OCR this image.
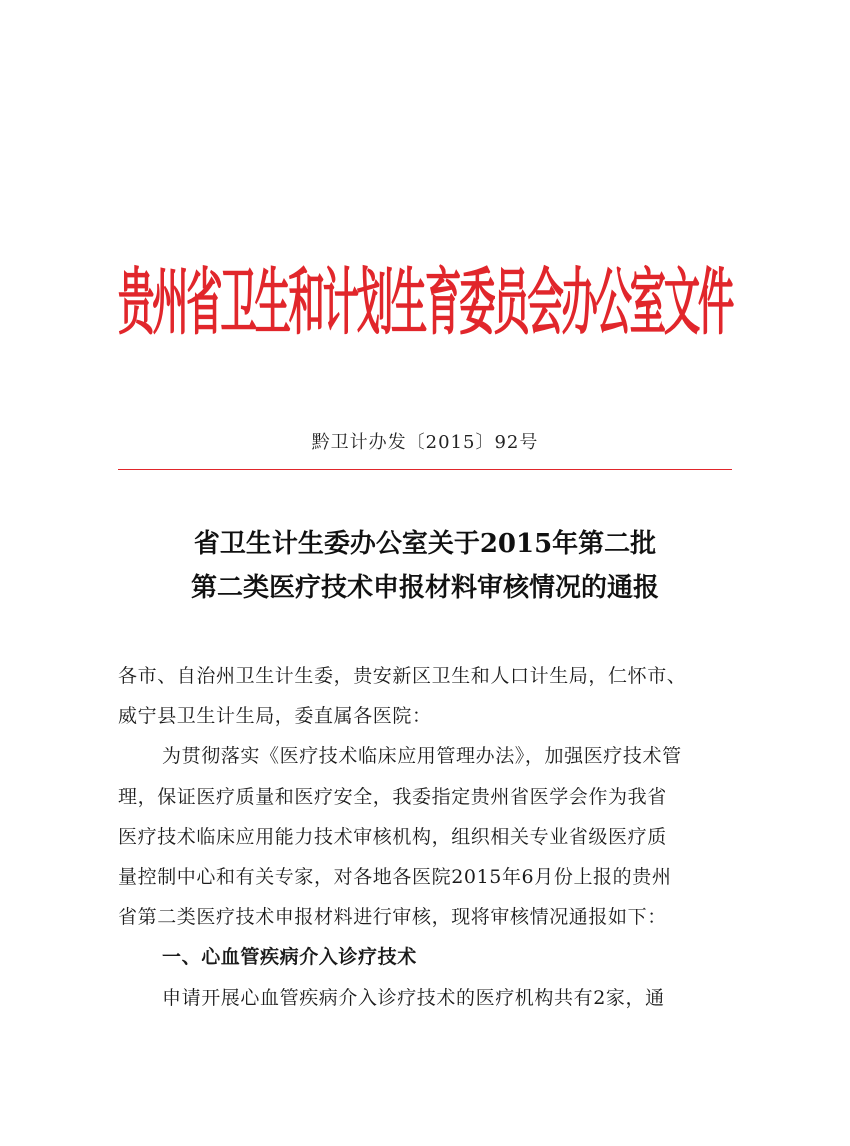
贵州省卫生和计划生育委员会办公室文件
黔卫计办发〔2015〕92号
省卫生计生委办公室关于2015年第二批
第二类医疗技术申报材料审核情况的通报
各市、自治州卫生计生委，贵安新区卫生和人口计生局，仁怀市、
威宁县卫生计生局，委直属各医院：
为贯彻落实《医疗技术临床应用管理办法》，加强医疗技术管
理，保证医疗质量和医疗安全，我委指定贵州省医学会作为我省
医疗技术临床应用能力技术审核机构，组织相关专业省级医疗质
量控制中心和有关专家，对各地各医院2015年6月份上报的贵州
省第二类医疗技术申报材料进行审核，现将审核情况通报如下：
一、心血管疾病介入诊疗技术
申请开展心血管疾病介入诊疗技术的医疗机构共有2家，通
